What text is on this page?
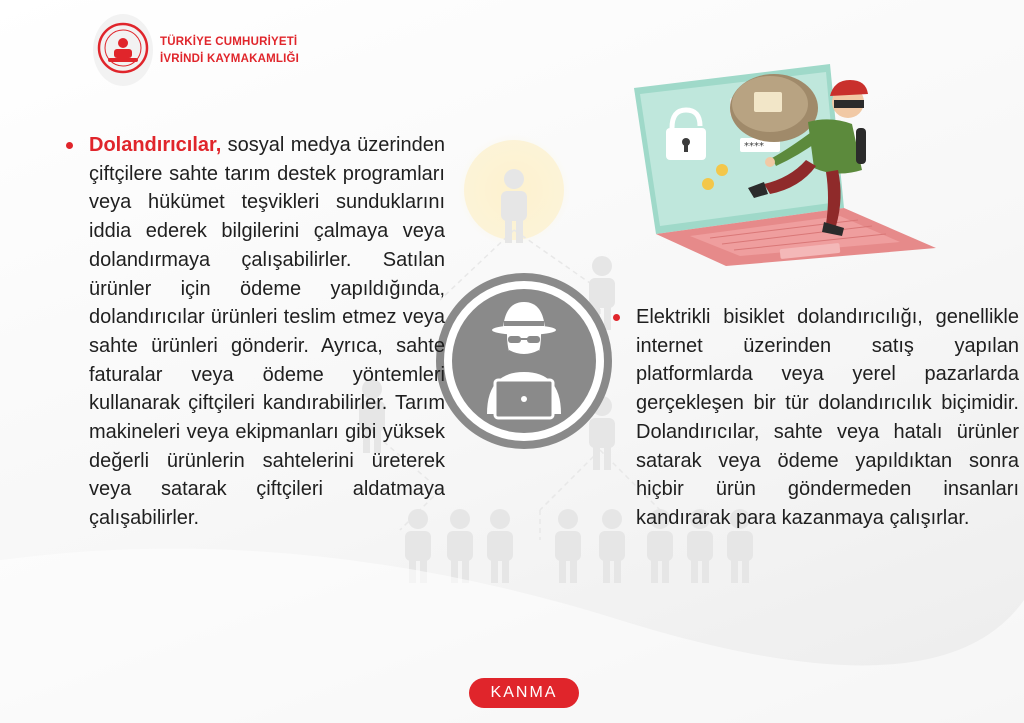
TÜRKİYE CUMHURİYETİ
İVRİNDİ KAYMAKAMLIĞI
****
Dolandırıcılar, sosyal medya üzerinden çiftçilere sahte tarım destek programları veya hükümet teşvikleri sunduklarını iddia ederek bilgilerini çalmaya veya dolandırmaya çalışabilirler. Satılan ürünler için ödeme yapıldığında, dolandırıcılar ürünleri teslim etmez veya sahte ürünleri gönderir. Ayrıca, sahte faturalar veya ödeme yöntemleri kullanarak çiftçileri kandırabilirler. Tarım makineleri veya ekipmanları gibi yüksek değerli ürünlerin sahtelerini üreterek veya satarak çiftçileri aldatmaya çalışabilirler.
Elektrikli bisiklet dolandırıcılığı, genellikle internet üzerinden satış yapılan platformlarda veya yerel pazarlarda gerçekleşen bir tür dolandırıcılık biçimidir. Dolandırıcılar, sahte veya hatalı ürünler satarak veya ödeme yapıldıktan sonra hiçbir ürün göndermeden insanları kandırarak para kazanmaya çalışırlar.
KANMA
